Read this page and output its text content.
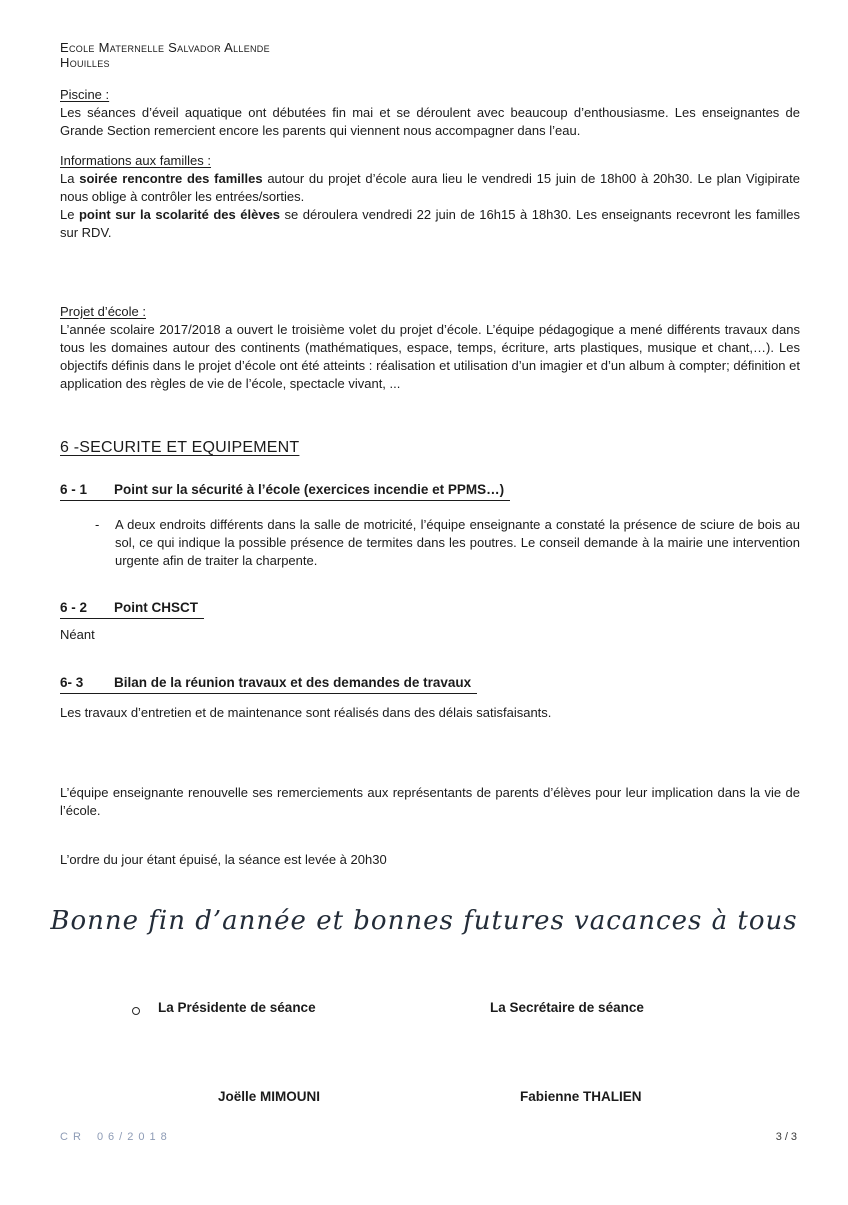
Ecole Maternelle Salvador Allende
Houilles
Piscine :
Les séances d’éveil aquatique ont débutées fin mai et se déroulent avec beaucoup d’enthousiasme. Les enseignantes de Grande Section remercient encore les parents qui viennent nous accompagner dans l’eau.
Informations aux familles :

La soirée rencontre des familles autour du projet d’école aura lieu le vendredi 15 juin de 18h00 à 20h30. Le plan Vigipirate nous oblige à contrôler les entrées/sorties.

Le point sur la scolarité des élèves se déroulera vendredi 22 juin de 16h15 à 18h30. Les enseignants recevront les familles sur RDV.

Projet d’école :
L’année scolaire 2017/2018 a ouvert le troisième volet du projet d’école. L’équipe pédagogique a mené différents travaux dans tous les domaines autour des continents (mathématiques, espace, temps, écriture, arts plastiques, musique et chant,…). Les objectifs définis dans le projet d’école ont été atteints : réalisation et utilisation d’un imagier et d’un album à compter; définition et application des règles de vie de l’école, spectacle vivant, ...
6 -SECURITE ET EQUIPEMENT
6 - 1 Point sur la sécurité à l’école (exercices incendie et PPMS…)
-	A deux endroits différents dans la salle de motricité, l’équipe enseignante a constaté la présence de sciure de bois au sol, ce qui indique la possible présence de termites dans les poutres. Le conseil demande à la mairie une intervention urgente afin de traiter la charpente.
6 - 2 Point CHSCT
Néant
6- 3 Bilan de la réunion travaux et des demandes de travaux
Les travaux d’entretien et de maintenance sont réalisés dans des délais satisfaisants.
L’équipe enseignante renouvelle ses remerciements aux représentants de parents d’élèves pour leur implication dans la vie de l’école.
L’ordre du jour étant épuisé, la séance est levée à 20h30
Bonne fin d’année et bonnes futures vacances à tous
La Présidente de séance	La Secrétaire de séance
Joëlle MIMOUNI	Fabienne THALIEN
CR 06/2018	3/3
